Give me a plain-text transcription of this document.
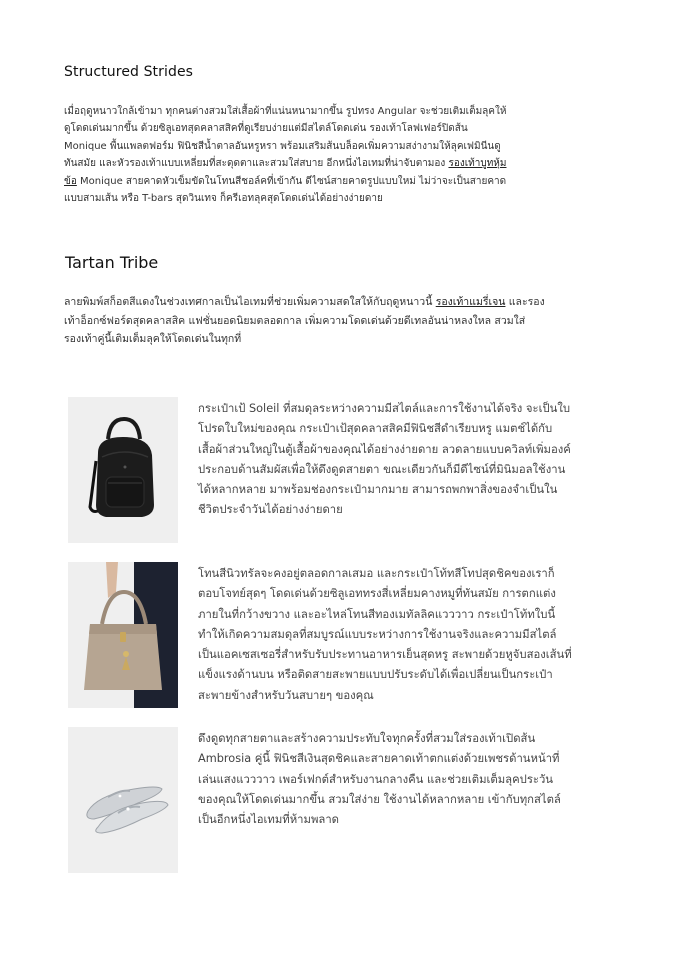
Structured Strides

เมื่อฤดูหนาวใกล้เข้ามา ทุกคนต่างสวมใส่เสื้อผ้าที่แน่นหนามากขึ้น รูปทรง Angular จะช่วยเติมเต็มลุคให้ดูโดดเด่นมากขึ้น ด้วยซิลูเอทสุดคลาสสิคที่ดูเรียบง่ายแต่มีสไตล์โดดเด่น รองเท้าโลฟเฟอร์ปิดส้น Monique พื้นแพลตฟอร์ม ฟินิชสีน้ำตาลอันหรูหรา พร้อมเสริมส้นบล็อคเพิ่มความสง่างามให้ลุคเฟมินีนดูทันสมัย และหัวรองเท้าแบบเหลี่ยมที่สะดุดตาและสวมใส่สบาย อีกหนึ่งไอเทมที่น่าจับตามอง รองเท้าบูทหุ้มข้อ Monique สายคาดหัวเข็มขัดในโทนสีชอล์คที่เข้ากัน ดีไซน์สายคาดรูปแบบใหม่ ไม่ว่าจะเป็นสายคาดแบบสามเส้น หรือ T-bars สุดวินเทจ ก็ครีเอทลุคสุดโดดเด่นได้อย่างง่ายดาย

Tartan Tribe

ลายพิมพ์สก็อตสีแดงในช่วงเทศกาลเป็นไอเทมที่ช่วยเพิ่มความสดใสให้กับฤดูหนาวนี้ รองเท้าแมรี่เจน และรองเท้าอ็อกซ์ฟอร์ดสุดคลาสสิค แฟชั่นยอดนิยมตลอดกาล เพิ่มความโดดเด่นด้วยดีเทลอันน่าหลงใหล สวมใส่รองเท้าคู่นี้เติมเต็มลุคให้โดดเด่นในทุกที่

กระเป๋าเป้ Soleil ที่สมดุลระหว่างความมีสไตล์และการใช้งานได้จริง จะเป็นใบโปรดใบใหม่ของคุณ กระเป๋าเป้สุดคลาสสิคมีฟินิชสีดำเรียบหรู แมตช์ได้กับเสื้อผ้าส่วนใหญ่ในตู้เสื้อผ้าของคุณได้อย่างง่ายดาย ลวดลายแบบควิลท์เพิ่มองค์ประกอบด้านสัมผัสเพื่อให้ดึงดูดสายตา ขณะเดียวกันก็มีดีไซน์ที่มินิมอลใช้งานได้หลากหลาย มาพร้อมช่องกระเป๋ามากมาย สามารถพกพาสิ่งของจำเป็นในชีวิตประจำวันได้อย่างง่ายดาย

โทนสีนิวทรัลจะคงอยู่ตลอดกาลเสมอ และกระเป๋าโท้ทสีโทปสุดชิคของเราก็ตอบโจทย์สุดๆ โดดเด่นด้วยซิลูเอททรงสี่เหลี่ยมคางหมูที่ทันสมัย การตกแต่งภายในที่กว้างขวาง และอะไหล่โทนสีทองเมทัลลิคแวววาว กระเป๋าโท้ทใบนี้ทำให้เกิดความสมดุลที่สมบูรณ์แบบระหว่างการใช้งานจริงและความมีสไตล์ เป็นแอคเซสเซอรี่สำหรับรับประทานอาหารเย็นสุดหรู สะพายด้วยหูจับสองเส้นที่แข็งแรงด้านบน หรือติดสายสะพายแบบปรับระดับได้เพื่อเปลี่ยนเป็นกระเป๋าสะพายข้างสำหรับวันสบายๆ ของคุณ

ดึงดูดทุกสายตาและสร้างความประทับใจทุกครั้งที่สวมใส่รองเท้าเปิดส้น Ambrosia คู่นี้ ฟินิชสีเงินสุดชิคและสายคาดเท้าตกแต่งด้วยเพชรด้านหน้าที่เล่นแสงแวววาว เพอร์เฟกต์สำหรับงานกลางคืน และช่วยเติมเต็มลุคประวันของคุณให้โดดเด่นมากขึ้น สวมใส่ง่าย ใช้งานได้หลากหลาย เข้ากับทุกสไตล์ เป็นอีกหนึ่งไอเทมที่ห้ามพลาด
